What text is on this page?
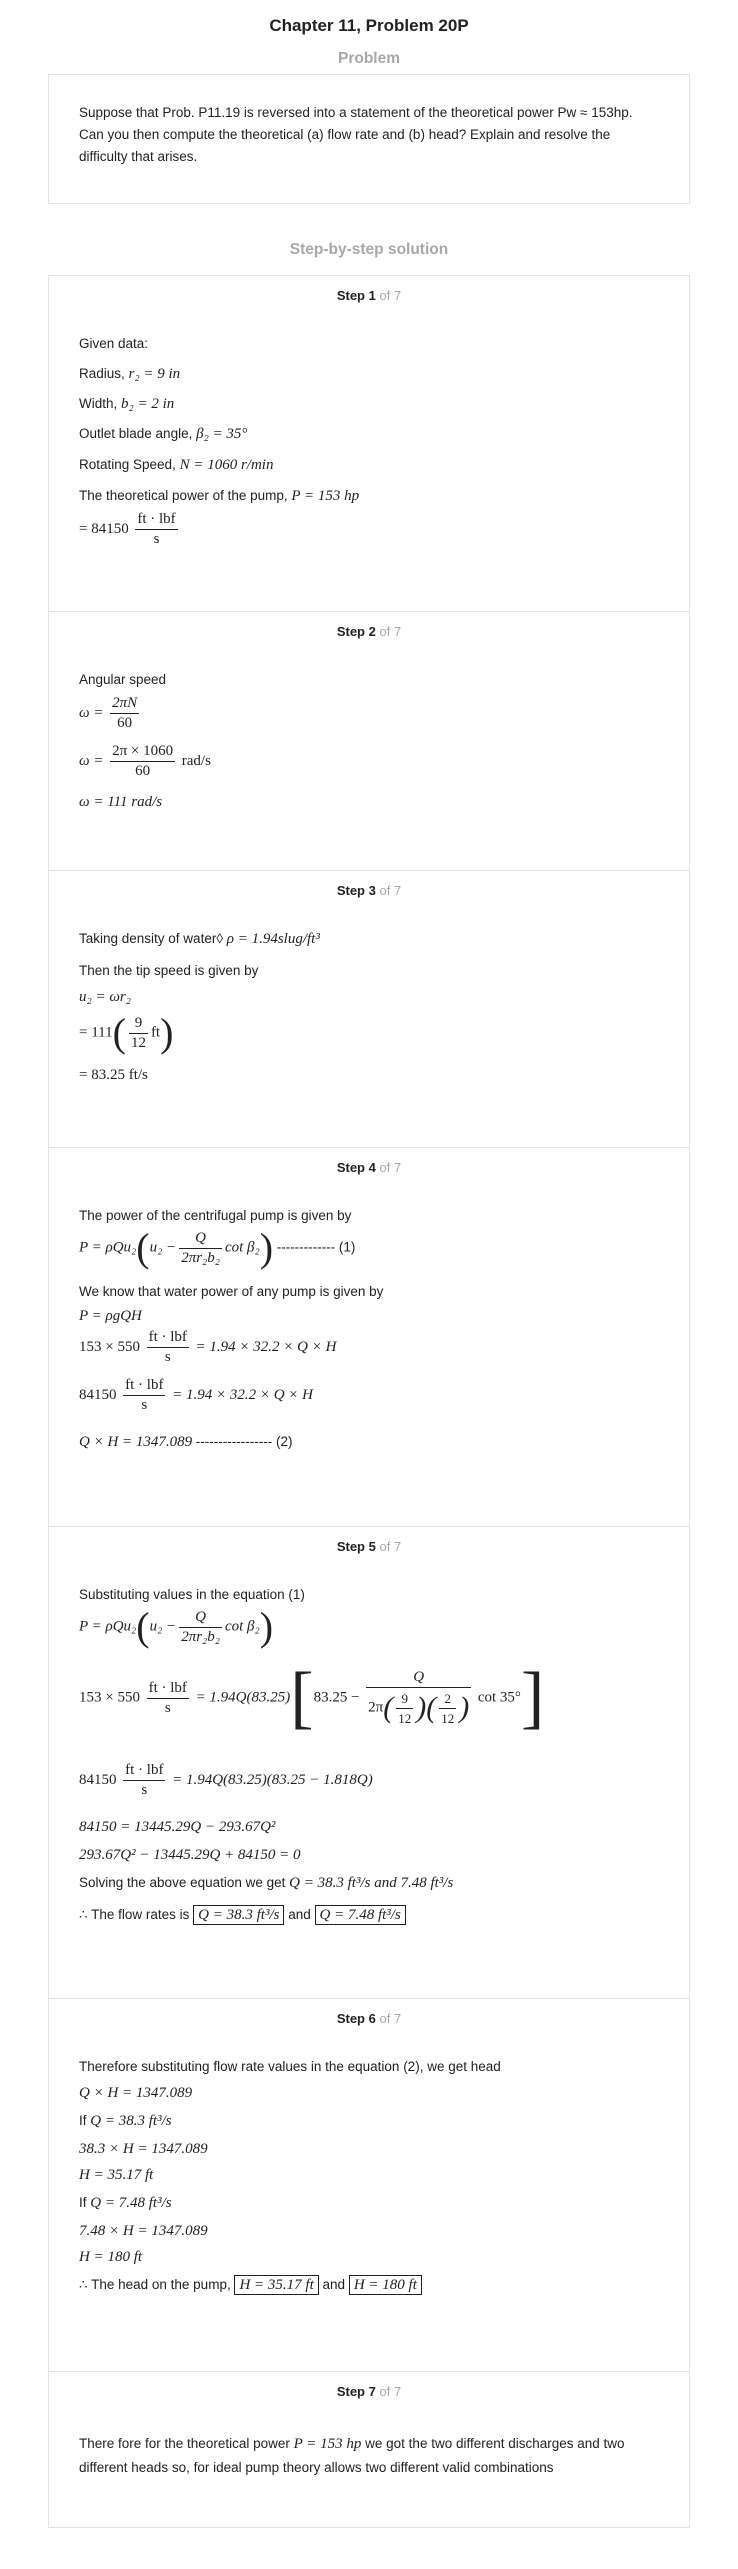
Chapter 11, Problem 20P
Problem
Suppose that Prob. P11.19 is reversed into a statement of the theoretical power Pw ≈ 153hp. Can you then compute the theoretical (a) flow rate and (b) head? Explain and resolve the difficulty that arises.
Step-by-step solution
Step 1 of 7
Given data:
Radius, r₂ = 9 in
Width, b₂ = 2 in
Outlet blade angle, β₂ = 35°
Rotating Speed, N = 1060 r/min
The theoretical power of the pump, P = 153 hp
= $84150 \frac{\text{ft · lbf}}{s}$
Step 2 of 7
Angular speed
$\omega = \frac{2\pi N}{60}$
$\omega = \frac{2\pi \times 1060}{60} rad/s$
ω = 111 rad/s
Step 3 of 7
Taking density of water◊ ρ = 1.94slug/ft³
Then the tip speed is given by
u₂ = ωr₂
= $111( \frac{9}{12} ft)$
= 83.25 ft/s
Step 4 of 7
The power of the centrifugal pump is given by
$P = \rho Qu_2(u_2 - \frac{Q}{\text{2πr₂b₂}}$ cot β₂) ------------- (1)
We know that water power of any pump is given by
P = ρgQH
$153 \times 550 \frac{\text{ft · lbf}}{s} = 1.94 \times 32.2 \times Q \times H$
$84150 \frac{\text{ft · lbf}}{s} = 1.94 \times 32.2 \times Q \times H$
Q × H = 1347.089 ----------------- (2)
Step 5 of 7
Substituting values in the equation (1)
$P = \rho Qu_2(u_2 - \frac{Q}{\text{2πr₂b₂}}$ cot β₂)
$153 \times 550 \frac{\text{ft · lbf}}{s} = 1.94Q(83.25)[83.25 - \frac{Q}{2\pi( \frac{9}{12} )( \frac{2}{12} )}$ cot 35°]
$84150 \frac{\text{ft · lbf}}{s} = 1.94Q(83.25)(83.25 - 1.818Q)$
84150 = 13445.29Q − 293.67Q²
293.67Q² − 13445.29Q + 84150 = 0
Solving the above equation we get Q = 38.3 ft³/s and 7.48 ft³/s
∴ The flow rates is Q = 38.3 ft³/s and Q = 7.48 ft³/s
Step 6 of 7
Therefore substituting flow rate values in the equation (2), we get head
Q × H = 1347.089
If Q = 38.3 ft³/s
38.3 × H = 1347.089
H = 35.17 ft
If Q = 7.48 ft³/s
7.48 × H = 1347.089
H = 180 ft
∴ The head on the pump, H = 35.17 ft and H = 180 ft
Step 7 of 7
There fore for the theoretical power P = 153 hp we got the two different discharges and two different heads so, for ideal pump theory allows two different valid combinations
